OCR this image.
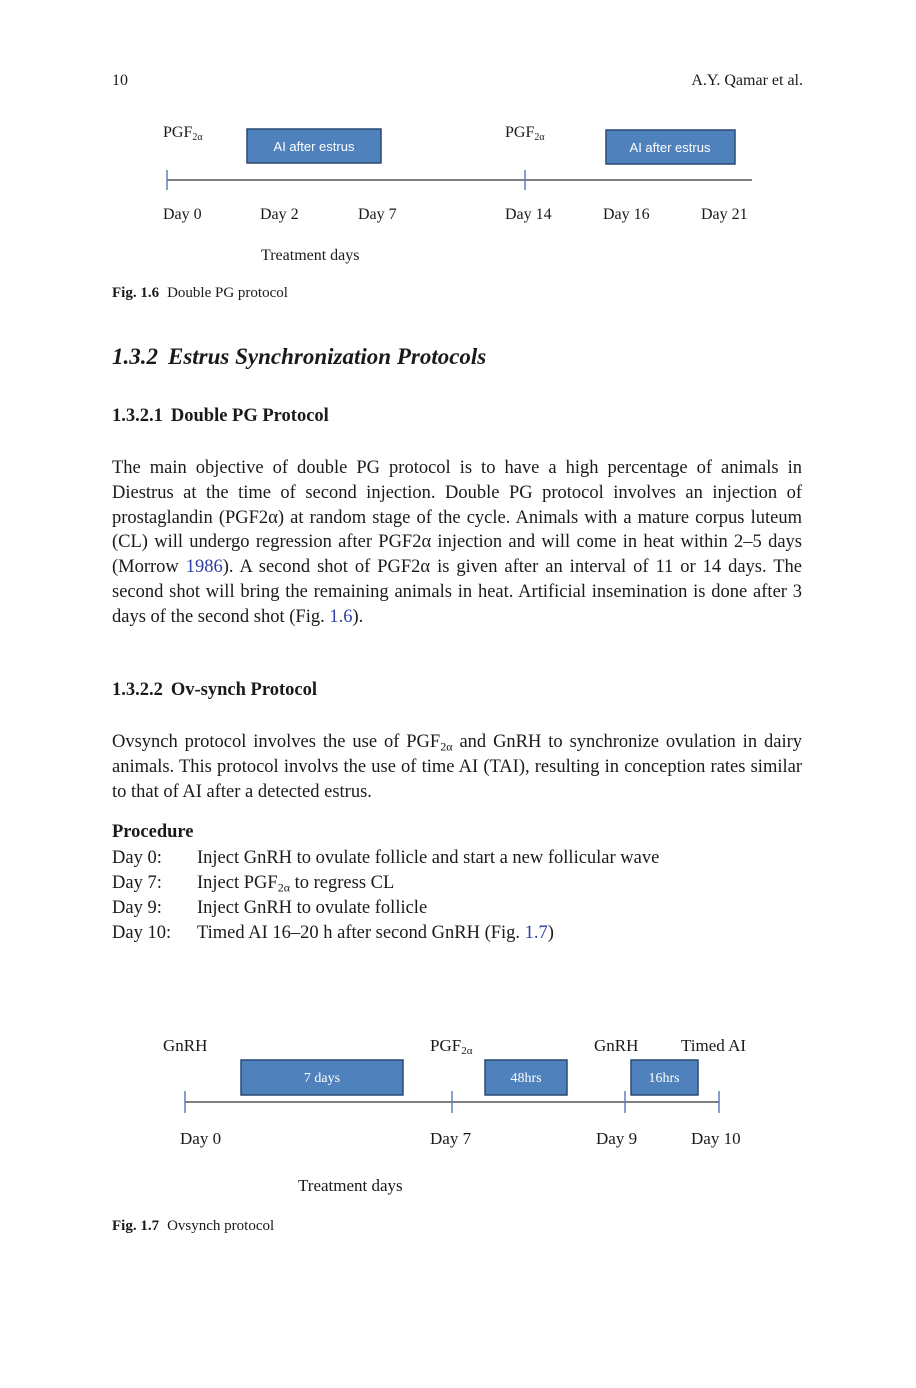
10	A.Y. Qamar et al.
PGF2α	PGF2α
AI after estrus	AI after estrus
Day 0	Day 2	Day 7	Day 14	Day 16	Day 21
Treatment days
Fig. 1.6 Double PG protocol
1.3.2 Estrus Synchronization Protocols
1.3.2.1 Double PG Protocol

The main objective of double PG protocol is to have a high percentage of animals in Diestrus at the time of second injection. Double PG protocol involves an injection of prostaglandin (PGF2α) at random stage of the cycle. Animals with a mature corpus luteum (CL) will undergo regression after PGF2α injection and will come in heat within 2–5 days (Morrow 1986). A second shot of PGF2α is given after an interval of 11 or 14 days. The second shot will bring the remaining animals in heat. Artificial insemination is done after 3 days of the second shot (Fig. 1.6).

1.3.2.2 Ov-synch Protocol

Ovsynch protocol involves the use of $PGF_{2\alpha}$ and GnRH to synchronize ovulation in dairy animals. This protocol involvs the use of time AI (TAI), resulting in conception rates similar to that of AI after a detected estrus.

Procedure
Day 0:	Inject GnRH to ovulate follicle and start a new follicular wave
Day 7:	Inject $PGF_{2\alpha}$ to regress CL
Day 9:	Inject GnRH to ovulate follicle
Day 10:	Timed AI 16–20 h after second GnRH (Fig. 1.7)
GnRH	PGF2α	GnRH	Timed AI
7 days	48hrs	16hrs
Day 0	Day 7	Day 9	Day 10
Treatment days
Fig. 1.7 Ovsynch protocol
